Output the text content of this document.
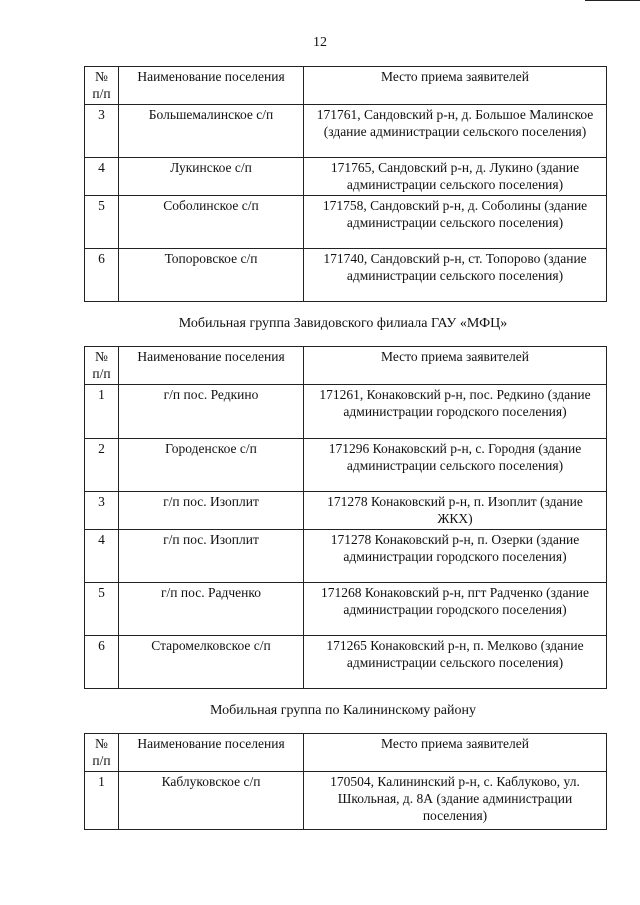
12
№ п/п	Наименование поселения	Место приема заявителей
3	Большемалинское с/п	171761, Сандовский р-н, д. Большое Малинское (здание администрации сельского поселения)
4	Лукинское с/п	171765, Сандовский р-н, д. Лукино (здание администрации сельского поселения)
5	Соболинское с/п	171758, Сандовский р-н, д. Соболины (здание администрации сельского поселения)
6	Топоровское с/п	171740, Сандовский р-н, ст. Топорово (здание администрации сельского поселения)
Мобильная группа Завидовского филиала ГАУ «МФЦ»
№ п/п	Наименование поселения	Место приема заявителей
1	г/п пос. Редкино	171261, Конаковский р-н, пос. Редкино (здание администрации городского поселения)
2	Городенское с/п	171296 Конаковский р-н, с. Городня (здание администрации сельского поселения)
3	г/п пос. Изоплит	171278 Конаковский р-н, п. Изоплит (здание ЖКХ)
4	г/п пос. Изоплит	171278 Конаковский р-н, п. Озерки (здание администрации городского поселения)
5	г/п пос. Радченко	171268 Конаковский р-н, пгт Радченко (здание администрации городского поселения)
6	Старомелковское с/п	171265 Конаковский р-н, п. Мелково (здание администрации сельского поселения)
Мобильная группа по Калининскому району
№ п/п	Наименование поселения	Место приема заявителей
1	Каблуковское с/п	170504, Калининский р-н, с. Каблуково, ул. Школьная, д. 8А (здание администрации поселения)
